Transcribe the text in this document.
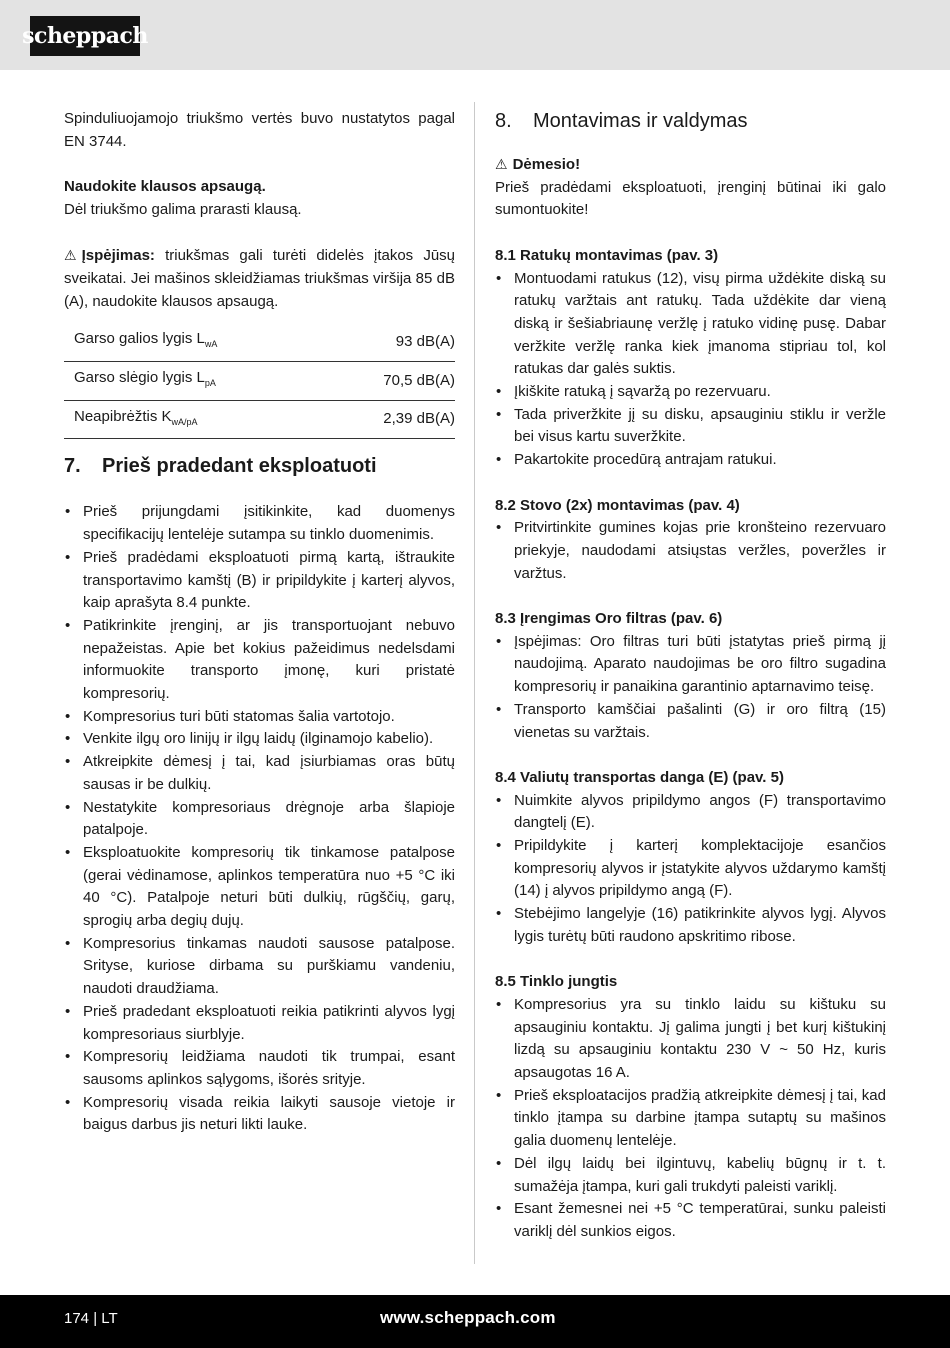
scheppach

Spinduliuojamojo triukšmo vertės buvo nustatytos pagal EN 3744.

Naudokite klausos apsaugą.

Dėl triukšmo galima prarasti klausą.

⚠ Įspėjimas: triukšmas gali turėti didelės įtakos Jūsų sveikatai. Jei mašinos skleidžiamas triukšmas viršija 85 dB (A), naudokite klausos apsaugą.

Garso galios lygis $L_{wA}$	93 dB(A)
Garso slėgio lygis $L_{pA}$	70,5 dB(A)
Neapibrėžtis $K_{wA/pA}$	2,39 dB(A)
7. Prieš pradedant eksploatuoti
• Prieš prijungdami įsitikinkite, kad duomenys specifikacijų lentelėje sutampa su tinklo duomenimis.
• Prieš pradėdami eksploatuoti pirmą kartą, ištraukite transportavimo kamštį (B) ir pripildykite į karterį alyvos, kaip aprašyta 8.4 punkte.
• Patikrinkite įrenginį, ar jis transportuojant nebuvo nepažeistas. Apie bet kokius pažeidimus nedelsdami informuokite transporto įmonę, kuri pristatė kompresorių.
• Kompresorius turi būti statomas šalia vartotojo.
• Venkite ilgų oro linijų ir ilgų laidų (ilginamojo kabelio).
• Atkreipkite dėmesį į tai, kad įsiurbiamas oras būtų sausas ir be dulkių.
• Nestatykite kompresoriaus drėgnoje arba šlapioje patalpoje.
• Eksploatuokite kompresorių tik tinkamose patalpose (gerai vėdinamose, aplinkos temperatūra nuo +5 °C iki 40 °C). Patalpoje neturi būti dulkių, rūgščių, garų, sprogių arba degių dujų.
• Kompresorius tinkamas naudoti sausose patalpose. Srityse, kuriose dirbama su purškiamu vandeniu, naudoti draudžiama.
• Prieš pradedant eksploatuoti reikia patikrinti alyvos lygį kompresoriaus siurblyje.
• Kompresorių leidžiama naudoti tik trumpai, esant sausoms aplinkos sąlygoms, išorės srityje.
• Kompresorių visada reikia laikyti sausoje vietoje ir baigus darbus jis neturi likti lauke.
8. Montavimas ir valdymas

⚠ Dėmesio!

Prieš pradėdami eksploatuoti, įrenginį būtinai iki galo sumontuokite!

8.1 Ratukų montavimas (pav. 3)

• Montuodami ratukus (12), visų pirma uždėkite diską su ratukų varžtais ant ratukų. Tada uždėkite dar vieną diską ir šešiabriaunę veržlę į ratuko vidinę pusę. Dabar veržkite veržlę ranka kiek įmanoma stipriau tol, kol ratukas dar galės suktis.
• Įkiškite ratuką į sąvaržą po rezervuaru.
• Tada priveržkite jį su disku, apsauginiu stiklu ir veržle bei visus kartu suveržkite.
• Pakartokite procedūrą antrajam ratukui.

8.2 Stovo (2x) montavimas (pav. 4)

• Pritvirtinkite gumines kojas prie kronšteino rezervuaro priekyje, naudodami atsiųstas veržles, poveržles ir varžtus.

8.3 Įrengimas Oro filtras (pav. 6)

• Įspėjimas: Oro filtras turi būti įstatytas prieš pirmą jį naudojimą. Aparato naudojimas be oro filtro sugadina kompresorių ir panaikina garantinio aptarnavimo teisę.
• Transporto kamščiai pašalinti (G) ir oro filtrą (15) vienetas su varžtais.

8.4 Valiutų transportas danga (E) (pav. 5)

• Nuimkite alyvos pripildymo angos (F) transportavimo dangtelį (E).
• Pripildykite į karterį komplektacijoje esančios kompresorių alyvos ir įstatykite alyvos uždarymo kamštį (14) į alyvos pripildymo angą (F).
• Stebėjimo langelyje (16) patikrinkite alyvos lygį. Alyvos lygis turėtų būti raudono apskritimo ribose.

8.5 Tinklo jungtis

• Kompresorius yra su tinklo laidu su kištuku su apsauginiu kontaktu. Jį galima jungti į bet kurį kištukinį lizdą su apsauginiu kontaktu 230 V ~ 50 Hz, kuris apsaugotas 16 A.
• Prieš eksploatacijos pradžią atkreipkite dėmesį į tai, kad tinklo įtampa su darbine įtampa sutaptų su mašinos galia duomenų lentelėje.
• Dėl ilgų laidų bei ilgintuvų, kabelių būgnų ir t. t. sumažėja įtampa, kuri gali trukdyti paleisti variklį.
• Esant žemesnei nei +5 °C temperatūrai, sunku paleisti variklį dėl sunkios eigos.
174 | LT	www.scheppach.com
